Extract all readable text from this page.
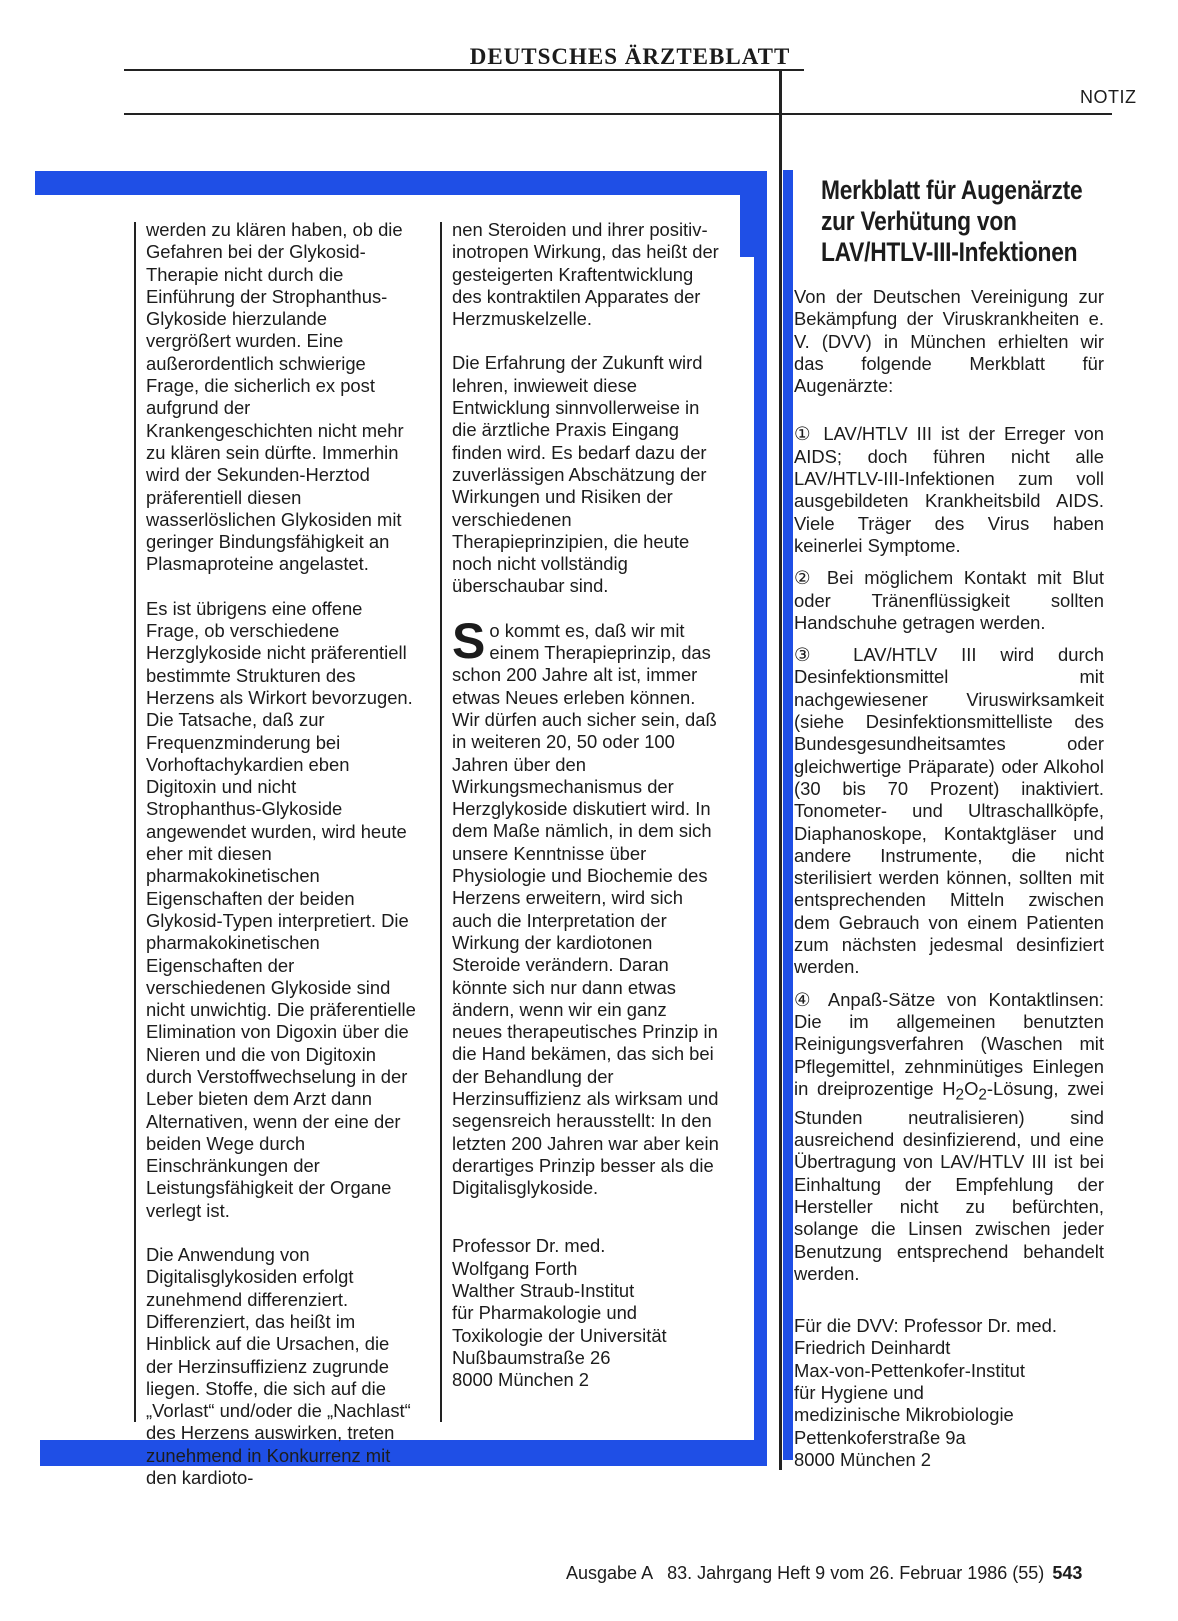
DEUTSCHES ÄRZTEBLATT
NOTIZ

werden zu klären haben, ob die Gefahren bei der Glykosid-Therapie nicht durch die Einführung der Strophanthus-Glykoside hierzulande vergrößert wurden. Eine außerordentlich schwierige Frage, die sicherlich ex post aufgrund der Krankengeschichten nicht mehr zu klären sein dürfte. Immerhin wird der Sekunden-Herztod präferentiell diesen wasserlöslichen Glykosiden mit geringer Bindungsfähigkeit an Plasmaproteine angelastet.

Es ist übrigens eine offene Frage, ob verschiedene Herzglykoside nicht präferentiell bestimmte Strukturen des Herzens als Wirkort bevorzugen. Die Tatsache, daß zur Frequenzminderung bei Vorhoftachykardien eben Digitoxin und nicht Strophanthus-Glykoside angewendet wurden, wird heute eher mit diesen pharmakokinetischen Eigenschaften der beiden Glykosid-Typen interpretiert. Die pharmakokinetischen Eigenschaften der verschiedenen Glykoside sind nicht unwichtig. Die präferentielle Elimination von Digoxin über die Nieren und die von Digitoxin durch Verstoffwechselung in der Leber bieten dem Arzt dann Alternativen, wenn der eine der beiden Wege durch Einschränkungen der Leistungsfähigkeit der Organe verlegt ist.

Die Anwendung von Digitalisglykosiden erfolgt zunehmend differenziert. Differenziert, das heißt im Hinblick auf die Ursachen, die der Herzinsuffizienz zugrunde liegen. Stoffe, die sich auf die „Vorlast“ und/oder die „Nachlast“ des Herzens auswirken, treten zunehmend in Konkurrenz mit den kardioto-

nen Steroiden und ihrer positiv-inotropen Wirkung, das heißt der gesteigerten Kraftentwicklung des kontraktilen Apparates der Herzmuskelzelle.

Die Erfahrung der Zukunft wird lehren, inwieweit diese Entwicklung sinnvollerweise in die ärztliche Praxis Eingang finden wird. Es bedarf dazu der zuverlässigen Abschätzung der Wirkungen und Risiken der verschiedenen Therapieprinzipien, die heute noch nicht vollständig überschaubar sind.

So kommt es, daß wir mit einem Therapieprinzip, das schon 200 Jahre alt ist, immer etwas Neues erleben können. Wir dürfen auch sicher sein, daß in weiteren 20, 50 oder 100 Jahren über den Wirkungsmechanismus der Herzglykoside diskutiert wird. In dem Maße nämlich, in dem sich unsere Kenntnisse über Physiologie und Biochemie des Herzens erweitern, wird sich auch die Interpretation der Wirkung der kardiotonen Steroide verändern. Daran könnte sich nur dann etwas ändern, wenn wir ein ganz neues therapeutisches Prinzip in die Hand bekämen, das sich bei der Behandlung der Herzinsuffizienz als wirksam und segensreich herausstellt: In den letzten 200 Jahren war aber kein derartiges Prinzip besser als die Digitalisglykoside.

Professor Dr. med.
Wolfgang Forth
Walther Straub-Institut
für Pharmakologie und
Toxikologie der Universität
Nußbaumstraße 26
8000 München 2

Merkblatt für Augenärzte
zur Verhütung von
LAV/HTLV-III-Infektionen

Von der Deutschen Vereinigung zur Bekämpfung der Viruskrankheiten e. V. (DVV) in München erhielten wir das folgende Merkblatt für Augenärzte:

① LAV/HTLV III ist der Erreger von AIDS; doch führen nicht alle LAV/HTLV-III-Infektionen zum voll ausgebildeten Krankheitsbild AIDS. Viele Träger des Virus haben keinerlei Symptome.

② Bei möglichem Kontakt mit Blut oder Tränenflüssigkeit sollten Handschuhe getragen werden.

③ LAV/HTLV III wird durch Desinfektionsmittel mit nachgewiesener Viruswirksamkeit (siehe Desinfektionsmittelliste des Bundesgesundheitsamtes oder gleichwertige Präparate) oder Alkohol (30 bis 70 Prozent) inaktiviert. Tonometer- und Ultraschallköpfe, Diaphanoskope, Kontaktgläser und andere Instrumente, die nicht sterilisiert werden können, sollten mit entsprechenden Mitteln zwischen dem Gebrauch von einem Patienten zum nächsten jedesmal desinfiziert werden.

④ Anpaß-Sätze von Kontaktlinsen: Die im allgemeinen benutzten Reinigungsverfahren (Waschen mit Pflegemittel, zehnminütiges Einlegen in dreiprozentige $H_2O_2$-Lösung, zwei Stunden neutralisieren) sind ausreichend desinfizierend, und eine Übertragung von LAV/HTLV III ist bei Einhaltung der Empfehlung der Hersteller nicht zu befürchten, solange die Linsen zwischen jeder Benutzung entsprechend behandelt werden.

Für die DVV: Professor Dr. med.
Friedrich Deinhardt
Max-von-Pettenkofer-Institut
für Hygiene und
medizinische Mikrobiologie
Pettenkoferstraße 9a
8000 München 2

Ausgabe A   83. Jahrgang Heft 9 vom 26. Februar 1986 (55) 543
